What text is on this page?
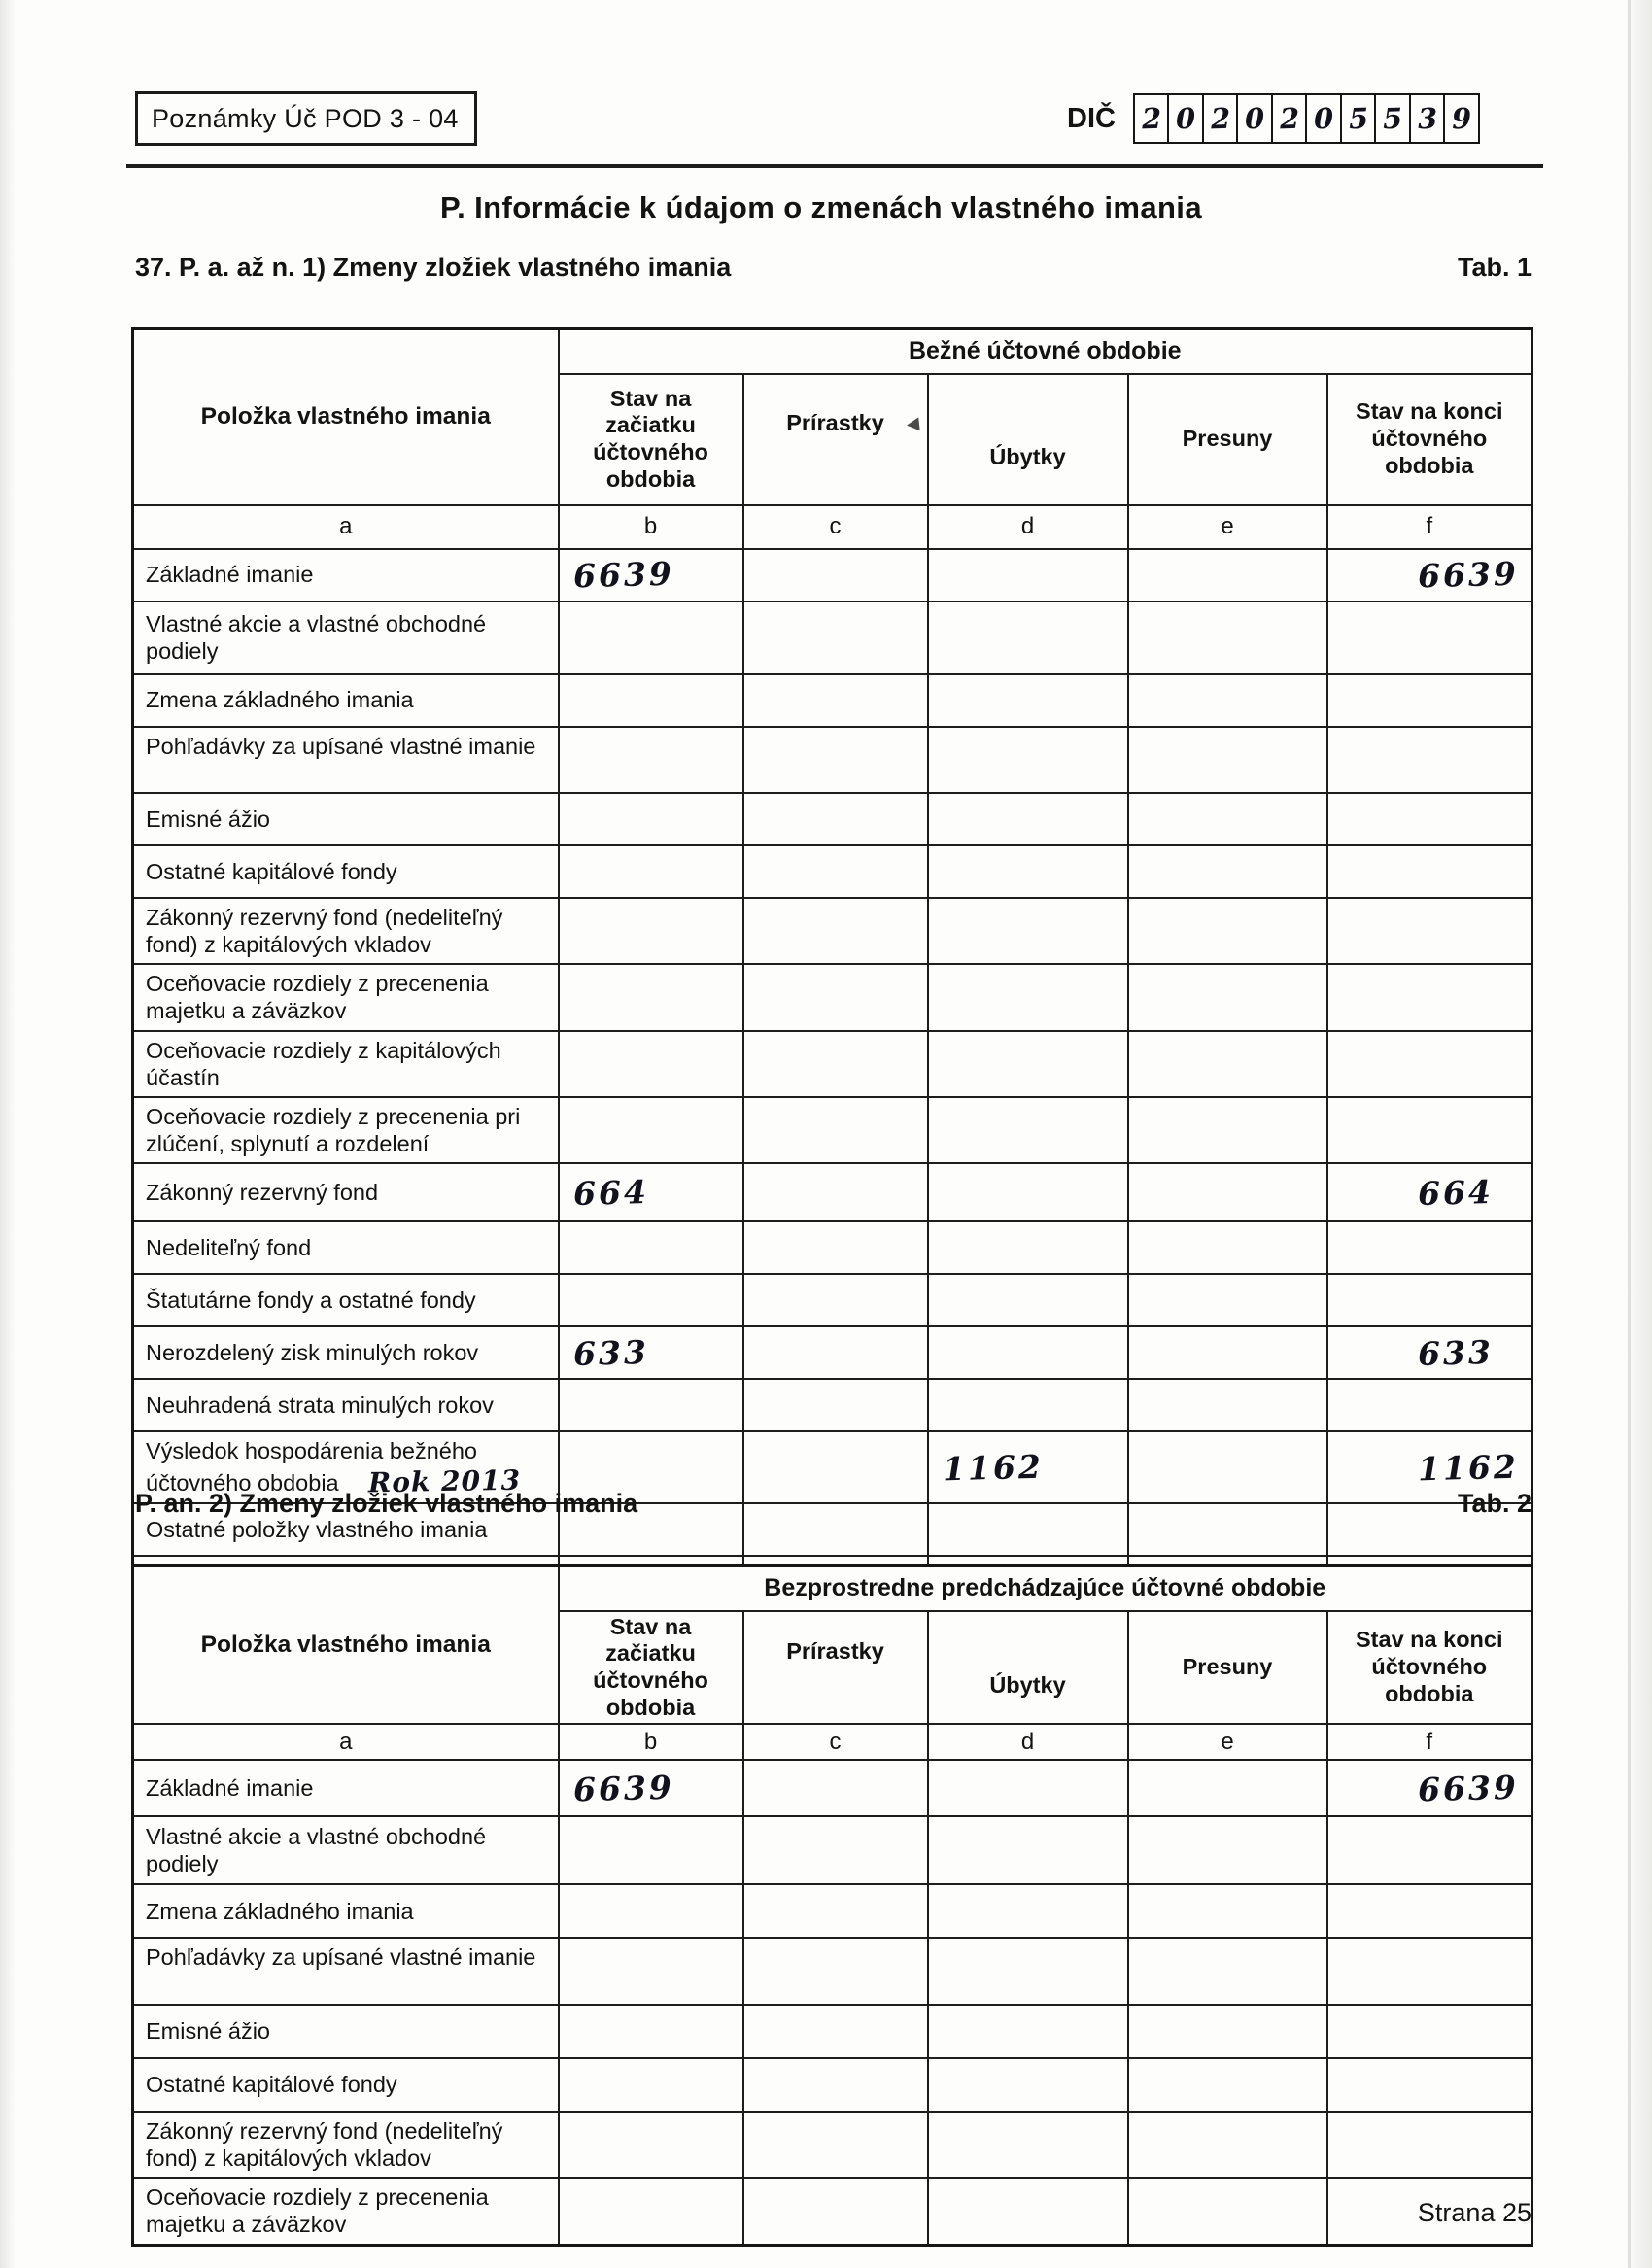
Poznámky Úč POD 3 - 04	DIČ 2 0 2 0 2 0 5 5 3 9
P. Informácie k údajom o zmenách vlastného imania
37. P. a. až n. 1) Zmeny zložiek vlastného imania	Tab. 1
Položka vlastného imania	Bežné účtovné obdobie				
	Stav na začiatku účtovného obdobia	Prírastky	Úbytky	Presuny	Stav na konci účtovného obdobia
a	b	c	d	e	f
Základné imanie	6639				6639
Vlastné akcie a vlastné obchodné podiely					
Zmena základného imania					
Pohľadávky za upísané vlastné imanie					
Emisné ážio					
Ostatné kapitálové fondy					
Zákonný rezervný fond (nedeliteľný fond) z kapitálových vkladov					
Oceňovacie rozdiely z precenenia majetku a záväzkov					
Oceňovacie rozdiely z kapitálových účastín					
Oceňovacie rozdiely z precenenia pri zlúčení, splynutí a rozdelení					
Zákonný rezervný fond	664				664
Nedeliteľný fond					
Štatutárne fondy a ostatné fondy					
Nerozdelený zisk minulých rokov	633				633
Neuhradená strata minulých rokov					
Výsledok hospodárenia bežného účtovného obdobia Rok 2013			1162		1162
Ostatné položky vlastného imania					

P. an. 2) Zmeny zložiek vlastného imania	Tab. 2
Položka vlastného imania	Bezprostredne predchádzajúce účtovné obdobie				
	Stav na začiatku účtovného obdobia	Prírastky	Úbytky	Presuny	Stav na konci účtovného obdobia
a	b	c	d	e	f
Základné imanie	6639				6639
Vlastné akcie a vlastné obchodné podiely					
Zmena základného imania					
Pohľadávky za upísané vlastné imanie					
Emisné ážio					
Ostatné kapitálové fondy					
Zákonný rezervný fond (nedeliteľný fond) z kapitálových vkladov					
Oceňovacie rozdiely z precenenia majetku a záväzkov						Strana 25
